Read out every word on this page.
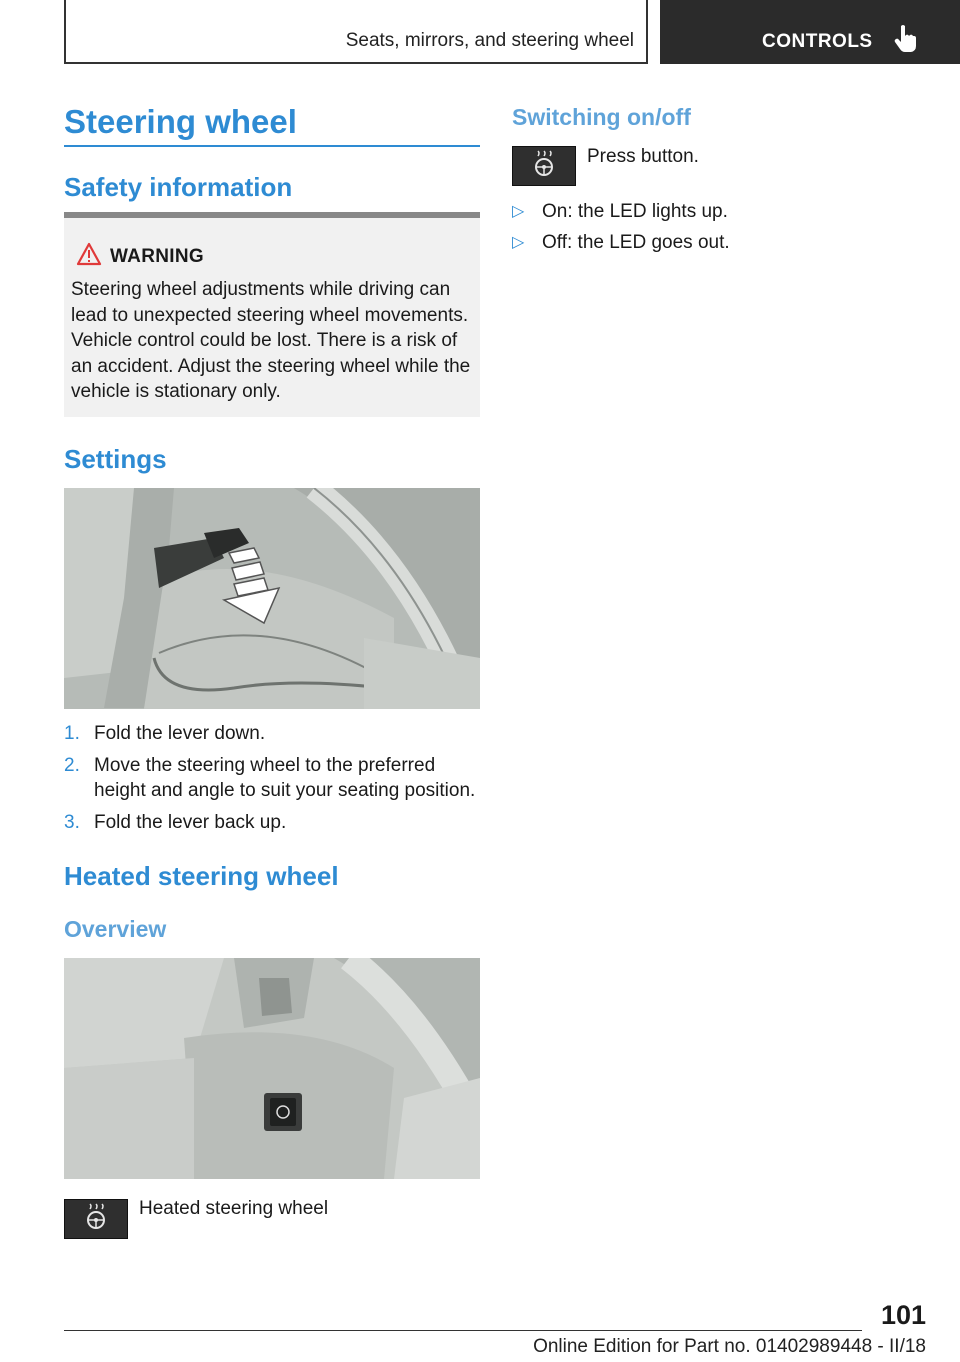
Seats, mirrors, and steering wheel	CONTROLS
Steering wheel
Safety information
WARNING
Steering wheel adjustments while driving can lead to unexpected steering wheel movements. Vehicle control could be lost. There is a risk of an accident. Adjust the steering wheel while the vehicle is stationary only.
Settings
1. Fold the lever down.
2. Move the steering wheel to the preferred height and angle to suit your seating position.
3. Fold the lever back up.
Heated steering wheel
Overview
Heated steering wheel
Switching on/off
Press button.
▷ On: the LED lights up.
▷ Off: the LED goes out.
101
Online Edition for Part no. 01402989448 - II/18
